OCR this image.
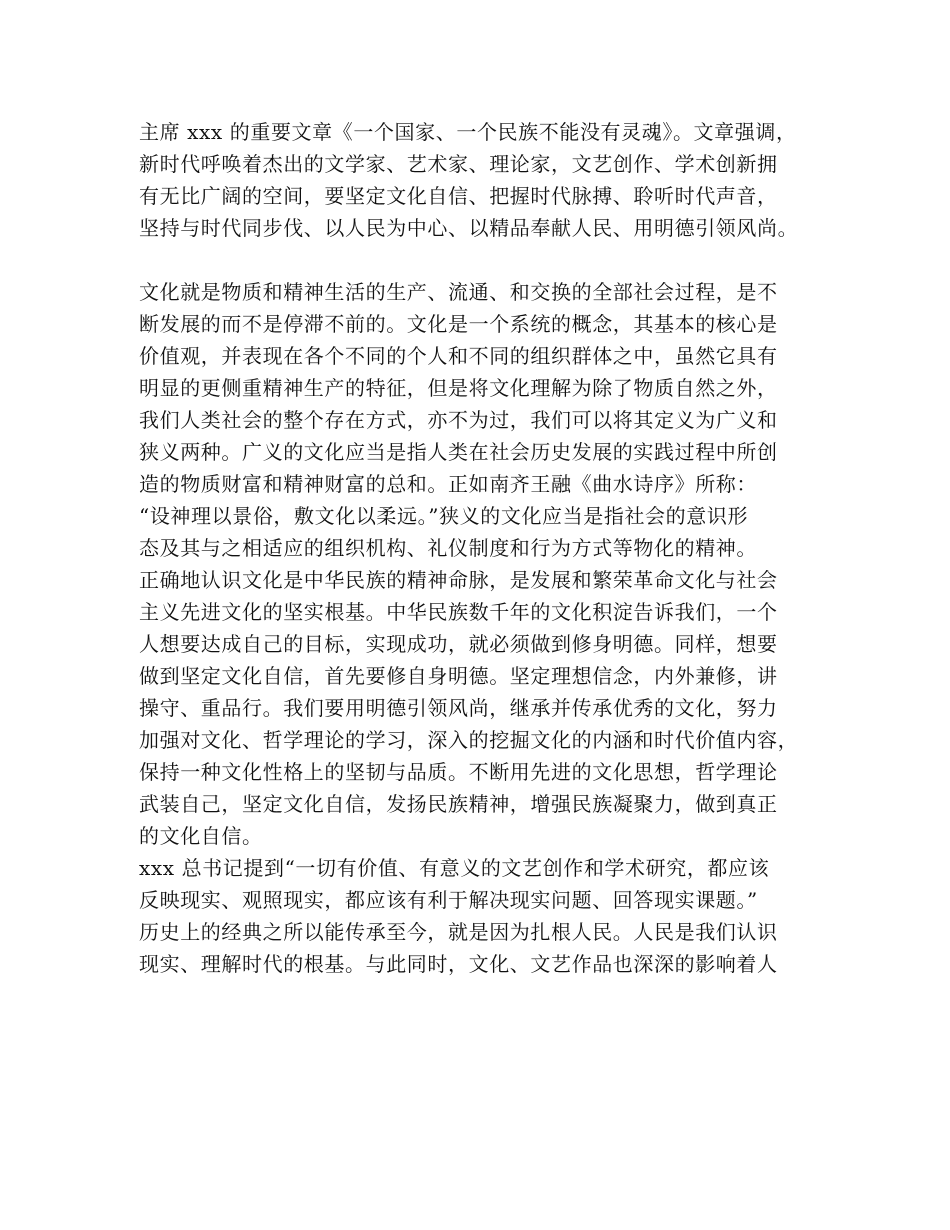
主席 xxx 的重要文章《一个国家、一个民族不能没有灵魂》。文章强调，
新时代呼唤着杰出的文学家、艺术家、理论家，文艺创作、学术创新拥
有无比广阔的空间，要坚定文化自信、把握时代脉搏、聆听时代声音，
坚持与时代同步伐、以人民为中心、以精品奉献人民、用明德引领风尚。
文化就是物质和精神生活的生产、流通、和交换的全部社会过程，是不
断发展的而不是停滞不前的。文化是一个系统的概念，其基本的核心是
价值观，并表现在各个不同的个人和不同的组织群体之中，虽然它具有
明显的更侧重精神生产的特征，但是将文化理解为除了物质自然之外，
我们人类社会的整个存在方式，亦不为过，我们可以将其定义为广义和
狭义两种。广义的文化应当是指人类在社会历史发展的实践过程中所创
造的物质财富和精神财富的总和。正如南齐王融《曲水诗序》所称：
“设神理以景俗，敷文化以柔远。”狭义的文化应当是指社会的意识形
态及其与之相适应的组织机构、礼仪制度和行为方式等物化的精神。
正确地认识文化是中华民族的精神命脉，是发展和繁荣革命文化与社会
主义先进文化的坚实根基。中华民族数千年的文化积淀告诉我们，一个
人想要达成自己的目标，实现成功，就必须做到修身明德。同样，想要
做到坚定文化自信，首先要修自身明德。坚定理想信念，内外兼修，讲
操守、重品行。我们要用明德引领风尚，继承并传承优秀的文化，努力
加强对文化、哲学理论的学习，深入的挖掘文化的内涵和时代价值内容，
保持一种文化性格上的坚韧与品质。不断用先进的文化思想，哲学理论
武装自己，坚定文化自信，发扬民族精神，增强民族凝聚力，做到真正
的文化自信。
xxx 总书记提到“一切有价值、有意义的文艺创作和学术研究，都应该
反映现实、观照现实，都应该有利于解决现实问题、回答现实课题。”
历史上的经典之所以能传承至今，就是因为扎根人民。人民是我们认识
现实、理解时代的根基。与此同时，文化、文艺作品也深深的影响着人
